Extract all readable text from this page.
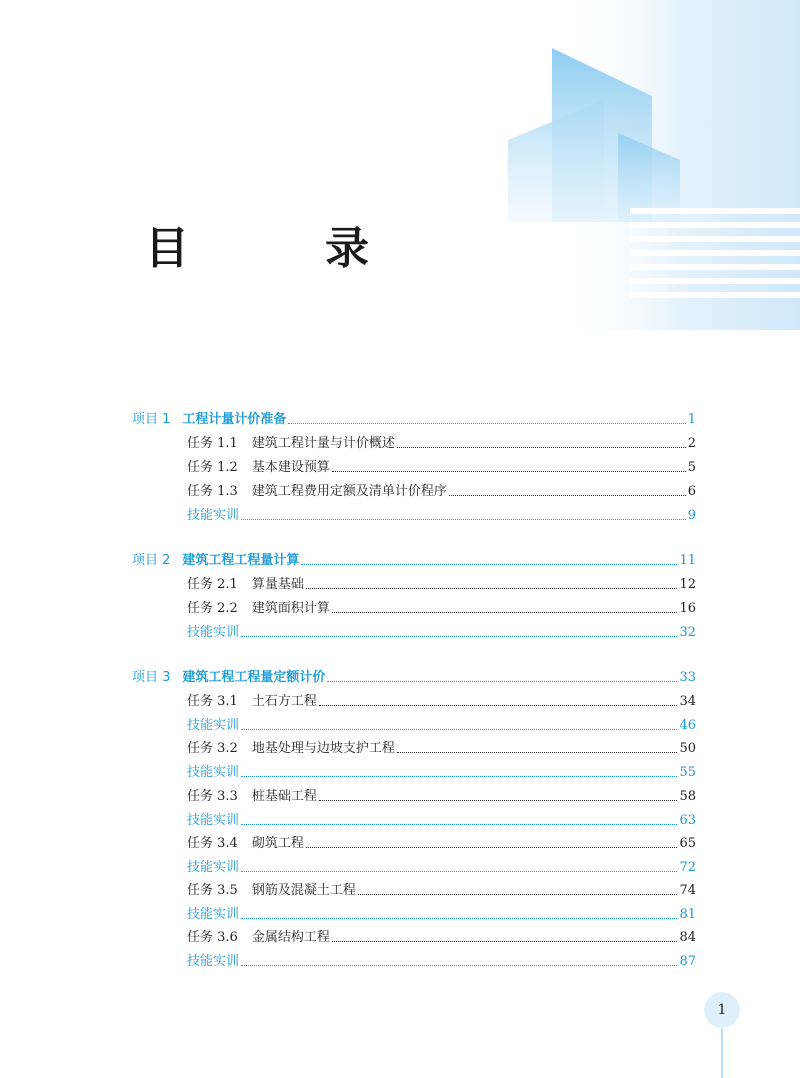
目　录
项目 1 工程计量计价准备	1
任务 1.1 建筑工程计量与计价概述	2
任务 1.2 基本建设预算	5
任务 1.3 建筑工程费用定额及清单计价程序	6
技能实训	9
项目 2 建筑工程工程量计算	11
任务 2.1 算量基础	12
任务 2.2 建筑面积计算	16
技能实训	32
项目 3 建筑工程工程量定额计价	33
任务 3.1 土石方工程	34
技能实训	46
任务 3.2 地基处理与边坡支护工程	50
技能实训	55
任务 3.3 桩基础工程	58
技能实训	63
任务 3.4 砌筑工程	65
技能实训	72
任务 3.5 钢筋及混凝土工程	74
技能实训	81
任务 3.6 金属结构工程	84
技能实训	87
1
